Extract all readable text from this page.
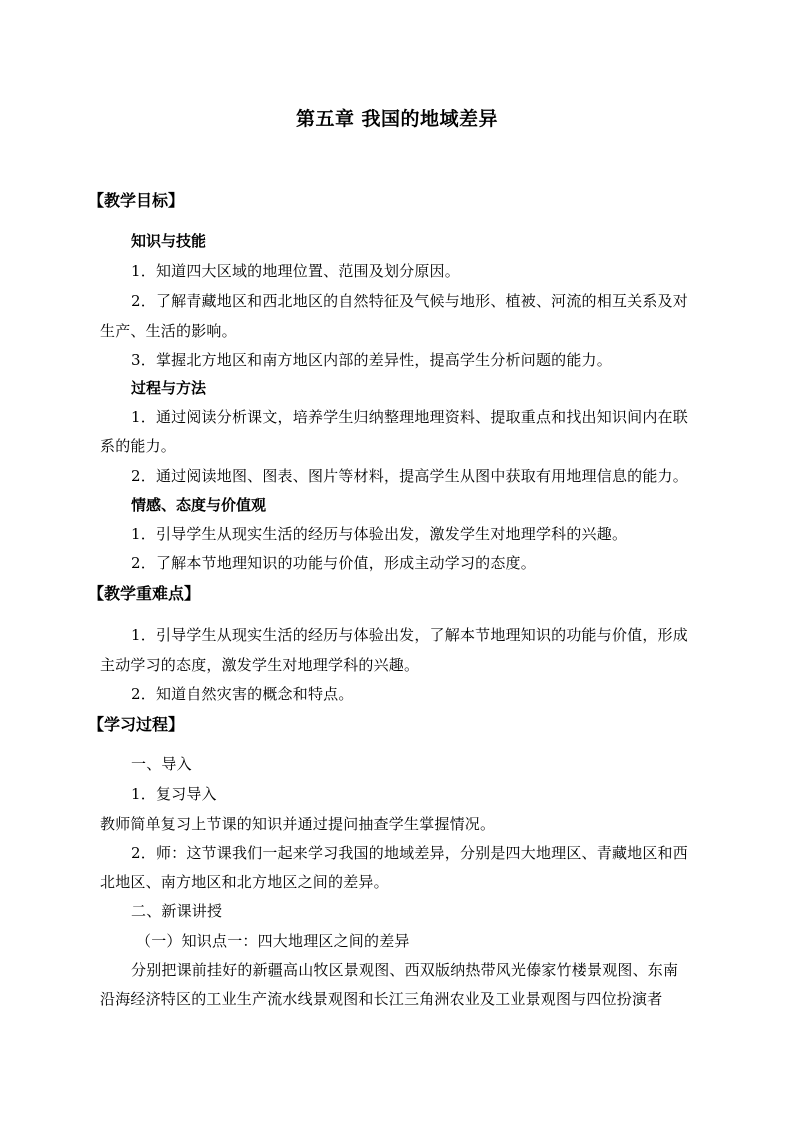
第五章 我国的地域差异
【教学目标】
知识与技能
1．知道四大区域的地理位置、范围及划分原因。
2．了解青藏地区和西北地区的自然特征及气候与地形、植被、河流的相互关系及对
生产、生活的影响。
3．掌握北方地区和南方地区内部的差异性，提高学生分析问题的能力。
过程与方法
1．通过阅读分析课文，培养学生归纳整理地理资料、提取重点和找出知识间内在联
系的能力。
2．通过阅读地图、图表、图片等材料，提高学生从图中获取有用地理信息的能力。
情感、态度与价值观
1．引导学生从现实生活的经历与体验出发，激发学生对地理学科的兴趣。
2．了解本节地理知识的功能与价值，形成主动学习的态度。
【教学重难点】
1．引导学生从现实生活的经历与体验出发，了解本节地理知识的功能与价值，形成
主动学习的态度，激发学生对地理学科的兴趣。
2．知道自然灾害的概念和特点。
【学习过程】
一、导入
1．复习导入
教师简单复习上节课的知识并通过提问抽查学生掌握情况。
2．师：这节课我们一起来学习我国的地域差异，分别是四大地理区、青藏地区和西
北地区、南方地区和北方地区之间的差异。
二、新课讲授
（一）知识点一：四大地理区之间的差异
分别把课前挂好的新疆高山牧区景观图、西双版纳热带风光傣家竹楼景观图、东南
沿海经济特区的工业生产流水线景观图和长江三角洲农业及工业景观图与四位扮演者
